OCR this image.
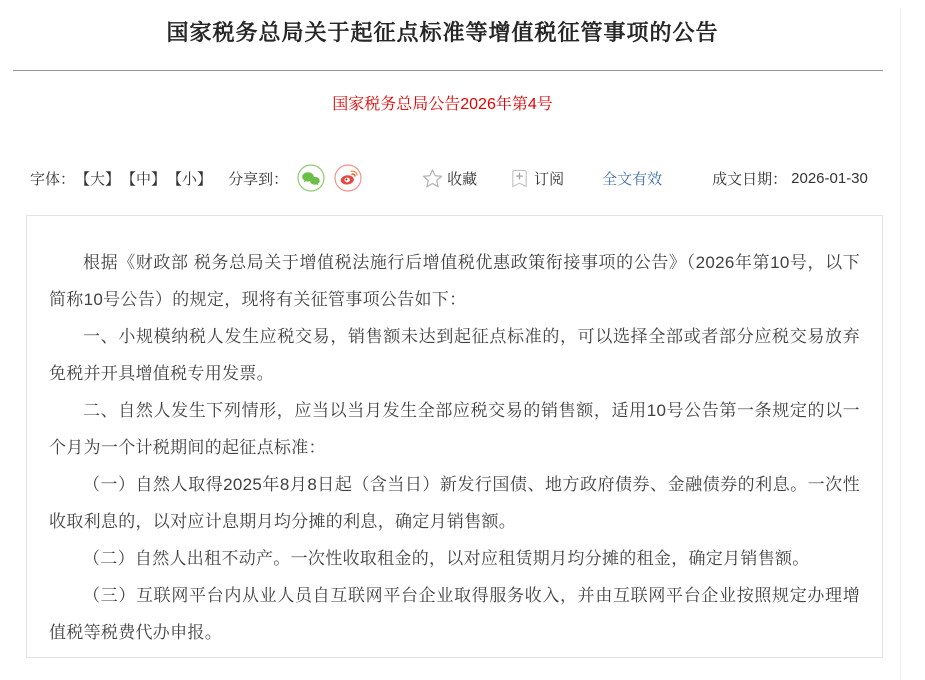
国家税务总局关于起征点标准等增值税征管事项的公告
国家税务总局公告2026年第4号
字体： 【大】 【中】 【小】 分享到：	收藏	订阅	全文有效	成文日期： 2026-01-30

根据《财政部 税务总局关于增值税法施行后增值税优惠政策衔接事项的公告》（2026年第10号，以下简称10号公告）的规定，现将有关征管事项公告如下：

一、小规模纳税人发生应税交易，销售额未达到起征点标准的，可以选择全部或者部分应税交易放弃免税并开具增值税专用发票。

二、自然人发生下列情形，应当以当月发生全部应税交易的销售额，适用10号公告第一条规定的以一个月为一个计税期间的起征点标准：

（一）自然人取得2025年8月8日起（含当日）新发行国债、地方政府债券、金融债券的利息。一次性收取利息的，以对应计息期月均分摊的利息，确定月销售额。

（二）自然人出租不动产。一次性收取租金的，以对应租赁期月均分摊的租金，确定月销售额。

（三）互联网平台内从业人员自互联网平台企业取得服务收入，并由互联网平台企业按照规定办理增值税等税费代办申报。
